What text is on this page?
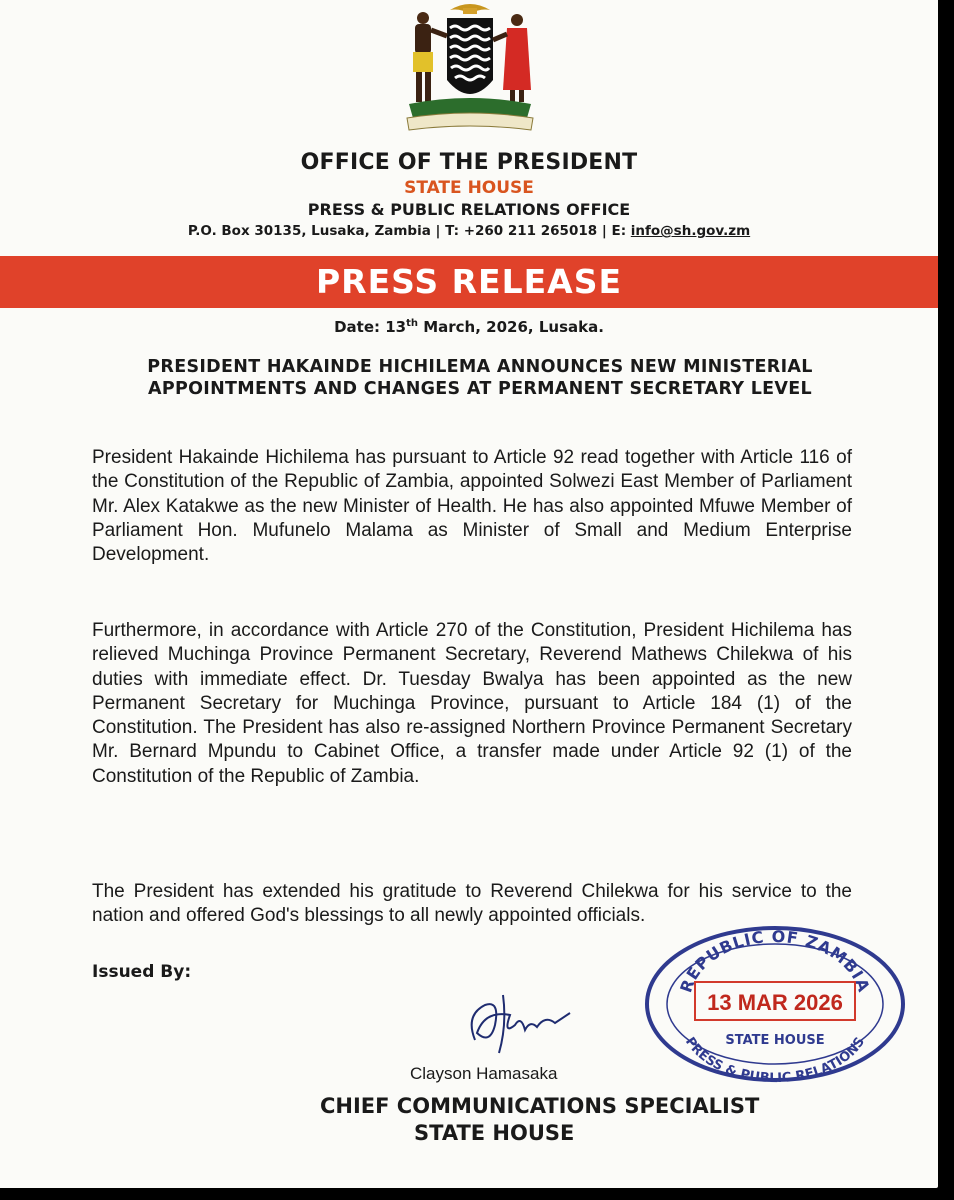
OFFICE OF THE PRESIDENT
STATE HOUSE
PRESS & PUBLIC RELATIONS OFFICE
P.O. Box 30135, Lusaka, Zambia | T: +260 211 265018 | E: info@sh.gov.zm
PRESS RELEASE
Date: 13th March, 2026, Lusaka.
PRESIDENT HAKAINDE HICHILEMA ANNOUNCES NEW MINISTERIAL APPOINTMENTS AND CHANGES AT PERMANENT SECRETARY LEVEL
President Hakainde Hichilema has pursuant to Article 92 read together with Article 116 of the Constitution of the Republic of Zambia, appointed Solwezi East Member of Parliament Mr. Alex Katakwe as the new Minister of Health. He has also appointed Mfuwe Member of Parliament Hon. Mufunelo Malama as Minister of Small and Medium Enterprise Development.
Furthermore, in accordance with Article 270 of the Constitution, President Hichilema has relieved Muchinga Province Permanent Secretary, Reverend Mathews Chilekwa of his duties with immediate effect. Dr. Tuesday Bwalya has been appointed as the new Permanent Secretary for Muchinga Province, pursuant to Article 184 (1) of the Constitution. The President has also re-assigned Northern Province Permanent Secretary Mr. Bernard Mpundu to Cabinet Office, a transfer made under Article 92 (1) of the Constitution of the Republic of Zambia.
The President has extended his gratitude to Reverend Chilekwa for his service to the nation and offered God's blessings to all newly appointed officials.
Issued By:
Clayson Hamasaka
CHIEF COMMUNICATIONS SPECIALIST
STATE HOUSE
REPUBLIC OF ZAMBIA
13 MAR 2026
STATE HOUSE
PRESS & PUBLIC RELATIONS
